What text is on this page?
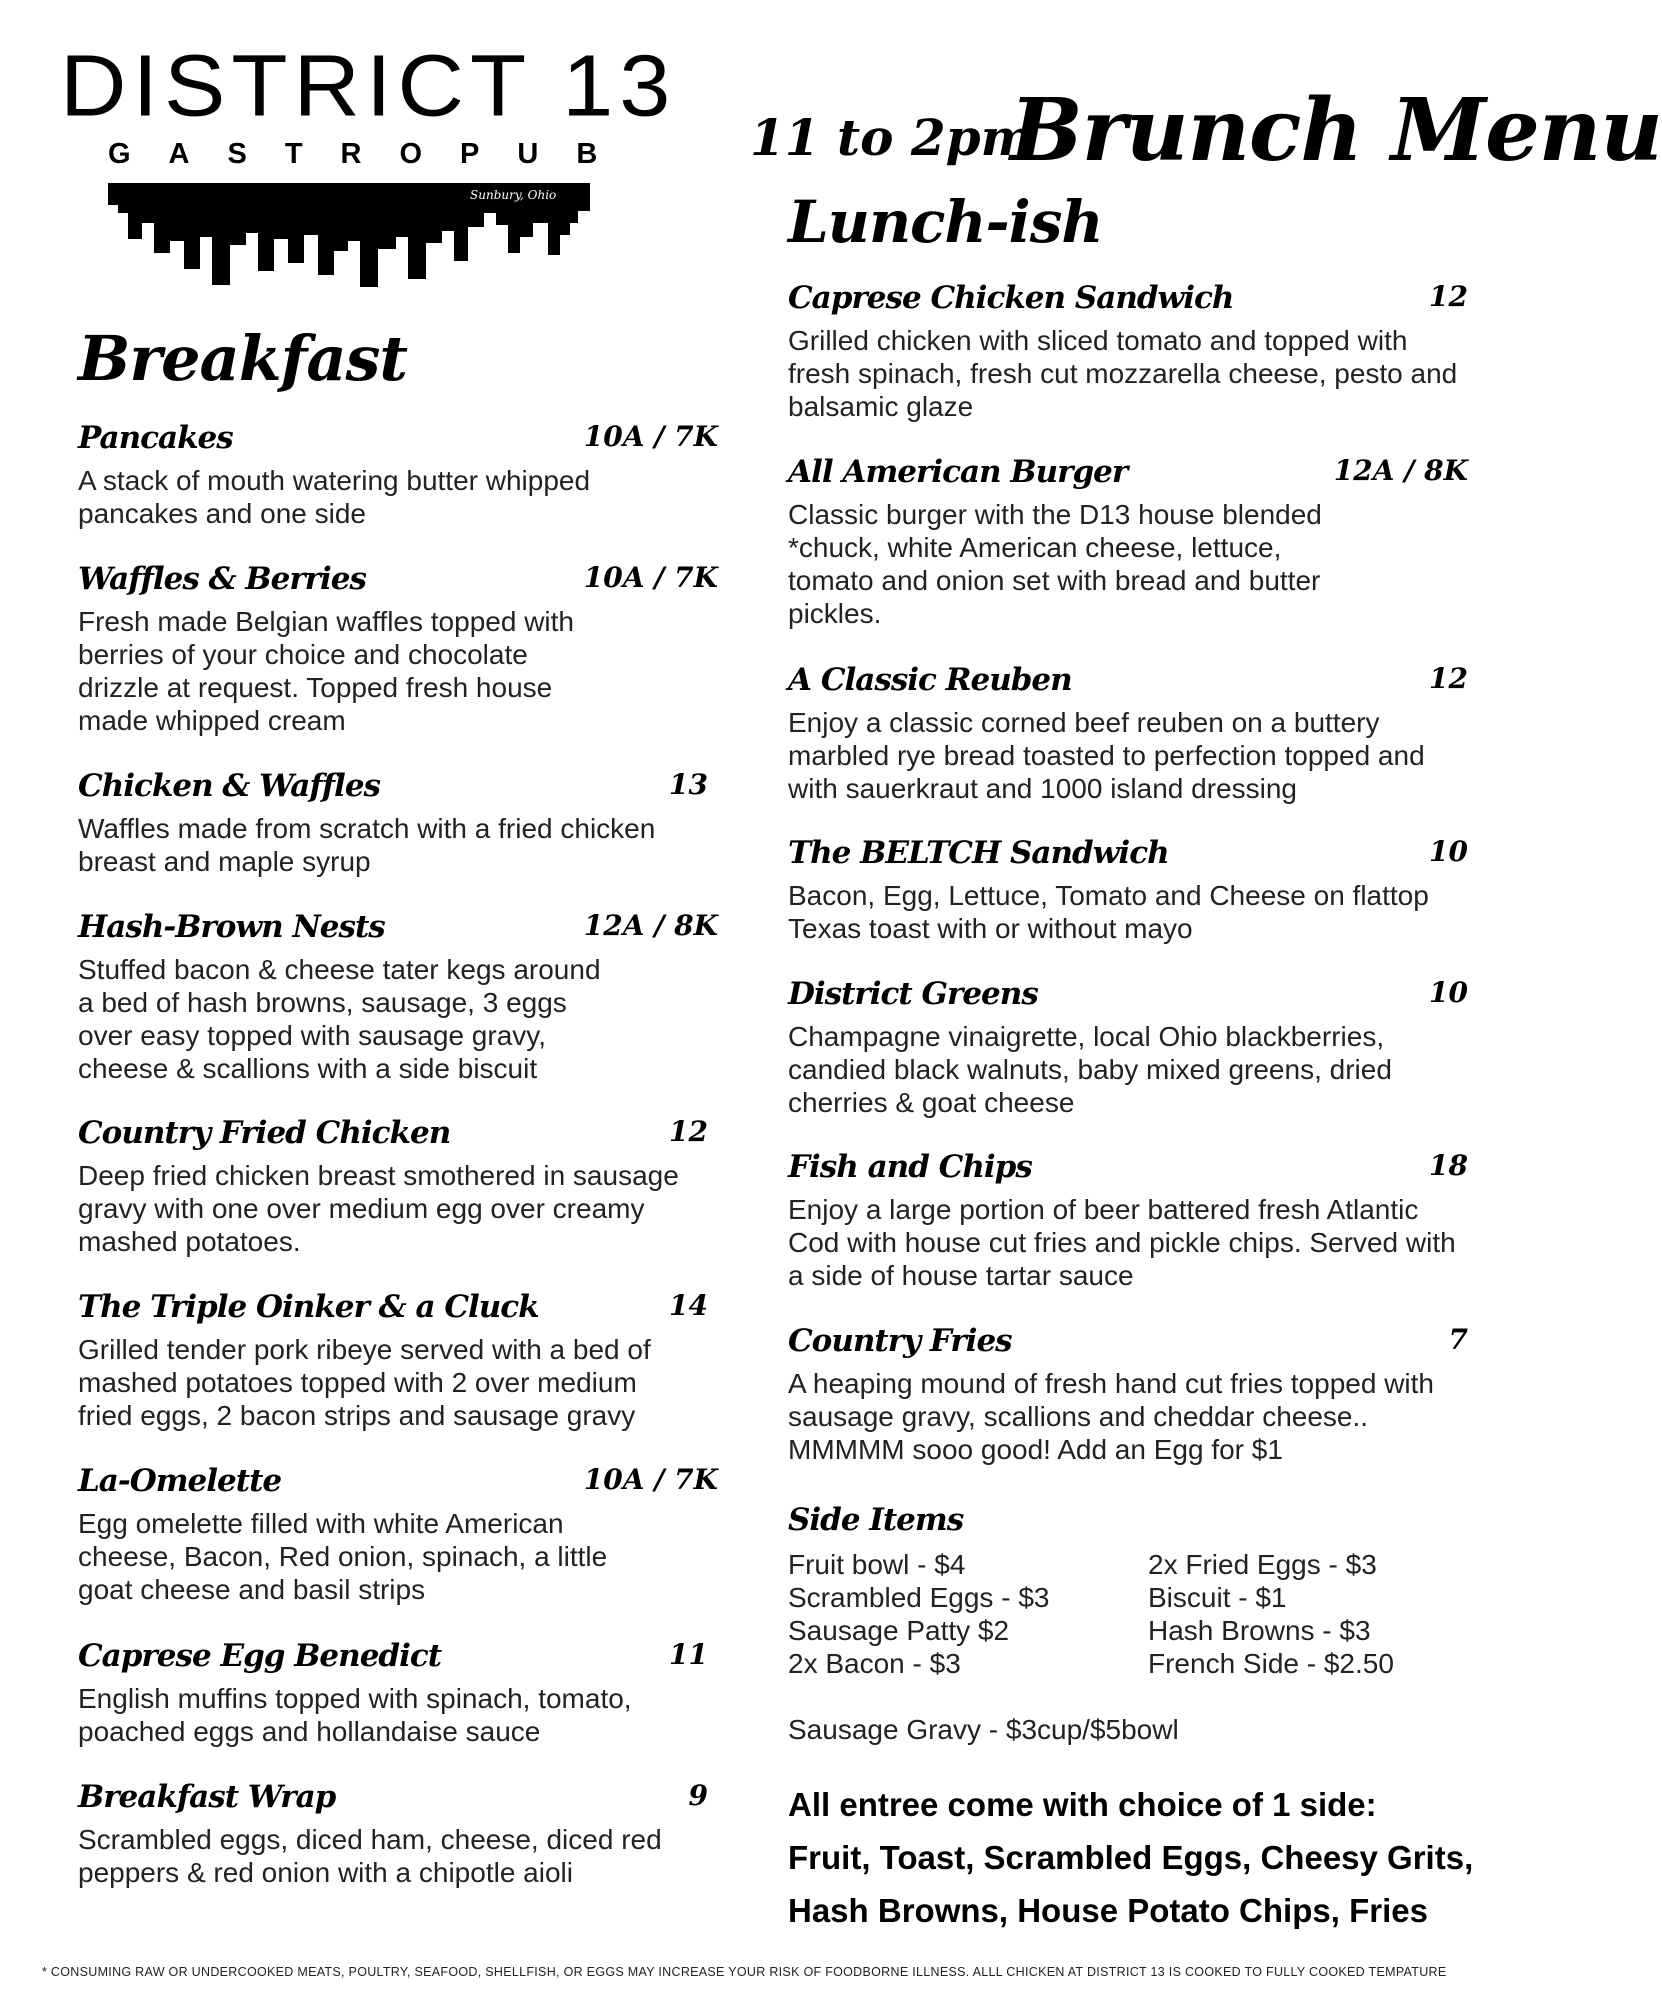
DISTRICT 13
GASTROPUB
Sunbury, Ohio
11 to 2pm
Brunch Menu
Breakfast
Pancakes	10A / 7K
A stack of mouth watering butter whipped pancakes and one side
Waffles & Berries	10A / 7K
Fresh made Belgian waffles topped with berries of your choice and chocolate drizzle at request. Topped fresh house made whipped cream
Chicken & Waffles	13
Waffles made from scratch with a fried chicken breast and maple syrup
Hash-Brown Nests	12A / 8K
Stuffed bacon & cheese tater kegs around a bed of hash browns, sausage, 3 eggs over easy topped with sausage gravy, cheese & scallions with a side biscuit
Country Fried Chicken	12
Deep fried chicken breast smothered in sausage gravy with one over medium egg over creamy mashed potatoes.
The Triple Oinker & a Cluck	14
Grilled tender pork ribeye served with a bed of mashed potatoes topped with 2 over medium fried eggs, 2 bacon strips and sausage gravy
La-Omelette	10A / 7K
Egg omelette filled with white American cheese, Bacon, Red onion, spinach, a little goat cheese and basil strips
Caprese Egg Benedict	11
English muffins topped with spinach, tomato, poached eggs and hollandaise sauce
Breakfast Wrap	9
Scrambled eggs, diced ham, cheese, diced red peppers & red onion with a chipotle aioli
Lunch-ish
Caprese Chicken Sandwich	12
Grilled chicken with sliced tomato and topped with fresh spinach, fresh cut mozzarella cheese, pesto and balsamic glaze
All American Burger	12A / 8K
Classic burger with the D13 house blended *chuck, white American cheese, lettuce, tomato and onion set with bread and butter pickles.
A Classic Reuben	12
Enjoy a classic corned beef reuben on a buttery marbled rye bread toasted to perfection topped and with sauerkraut and 1000 island dressing
The BELTCH Sandwich	10
Bacon, Egg, Lettuce, Tomato and Cheese on flattop Texas toast with or without mayo
District Greens	10
Champagne vinaigrette, local Ohio blackberries, candied black walnuts, baby mixed greens, dried cherries & goat cheese
Fish and Chips	18
Enjoy a large portion of beer battered fresh Atlantic Cod with house cut fries and pickle chips. Served with a side of house tartar sauce
Country Fries	7
A heaping mound of fresh hand cut fries topped with sausage gravy, scallions and cheddar cheese.. MMMMM sooo good! Add an Egg for $1
Side Items
Fruit bowl - $4
Scrambled Eggs - $3
Sausage Patty $2
2x Bacon - $3
2x Fried Eggs - $3
Biscuit - $1
Hash Browns - $3
French Side - $2.50
Sausage Gravy - $3cup/$5bowl
All entree come with choice of 1 side:
Fruit, Toast, Scrambled Eggs, Cheesy Grits, Hash Browns, House Potato Chips, Fries
* CONSUMING RAW OR UNDERCOOKED MEATS, POULTRY, SEAFOOD, SHELLFISH, OR EGGS MAY INCREASE YOUR RISK OF FOODBORNE ILLNESS. ALLL CHICKEN AT DISTRICT 13 IS COOKED TO FULLY COOKED TEMPATURE
